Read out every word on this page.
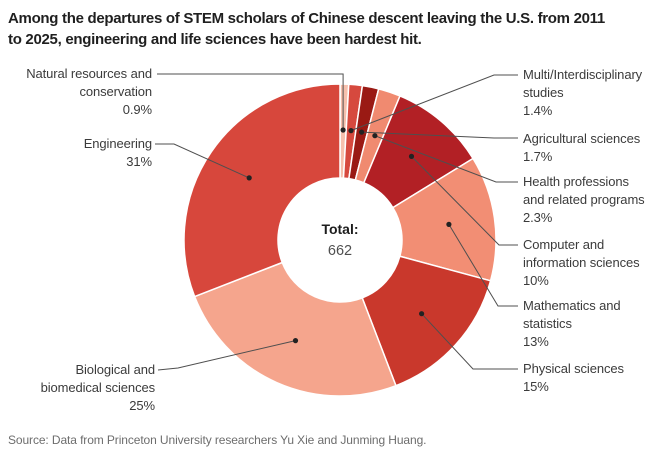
Among the departures of STEM scholars of Chinese descent leaving the U.S. from 2011
to 2025, engineering and life sciences have been hardest hit.
Natural resources and
conservation
0.9%
Engineering
31%
Biological and
biomedical sciences
25%
Multi/Interdisciplinary
studies
1.4%
Agricultural sciences
1.7%
Health professions
and related programs
2.3%
Computer and
information sciences
10%
Mathematics and
statistics
13%
Physical sciences
15%
Total:
662
Source: Data from Princeton University researchers Yu Xie and Junming Huang.
